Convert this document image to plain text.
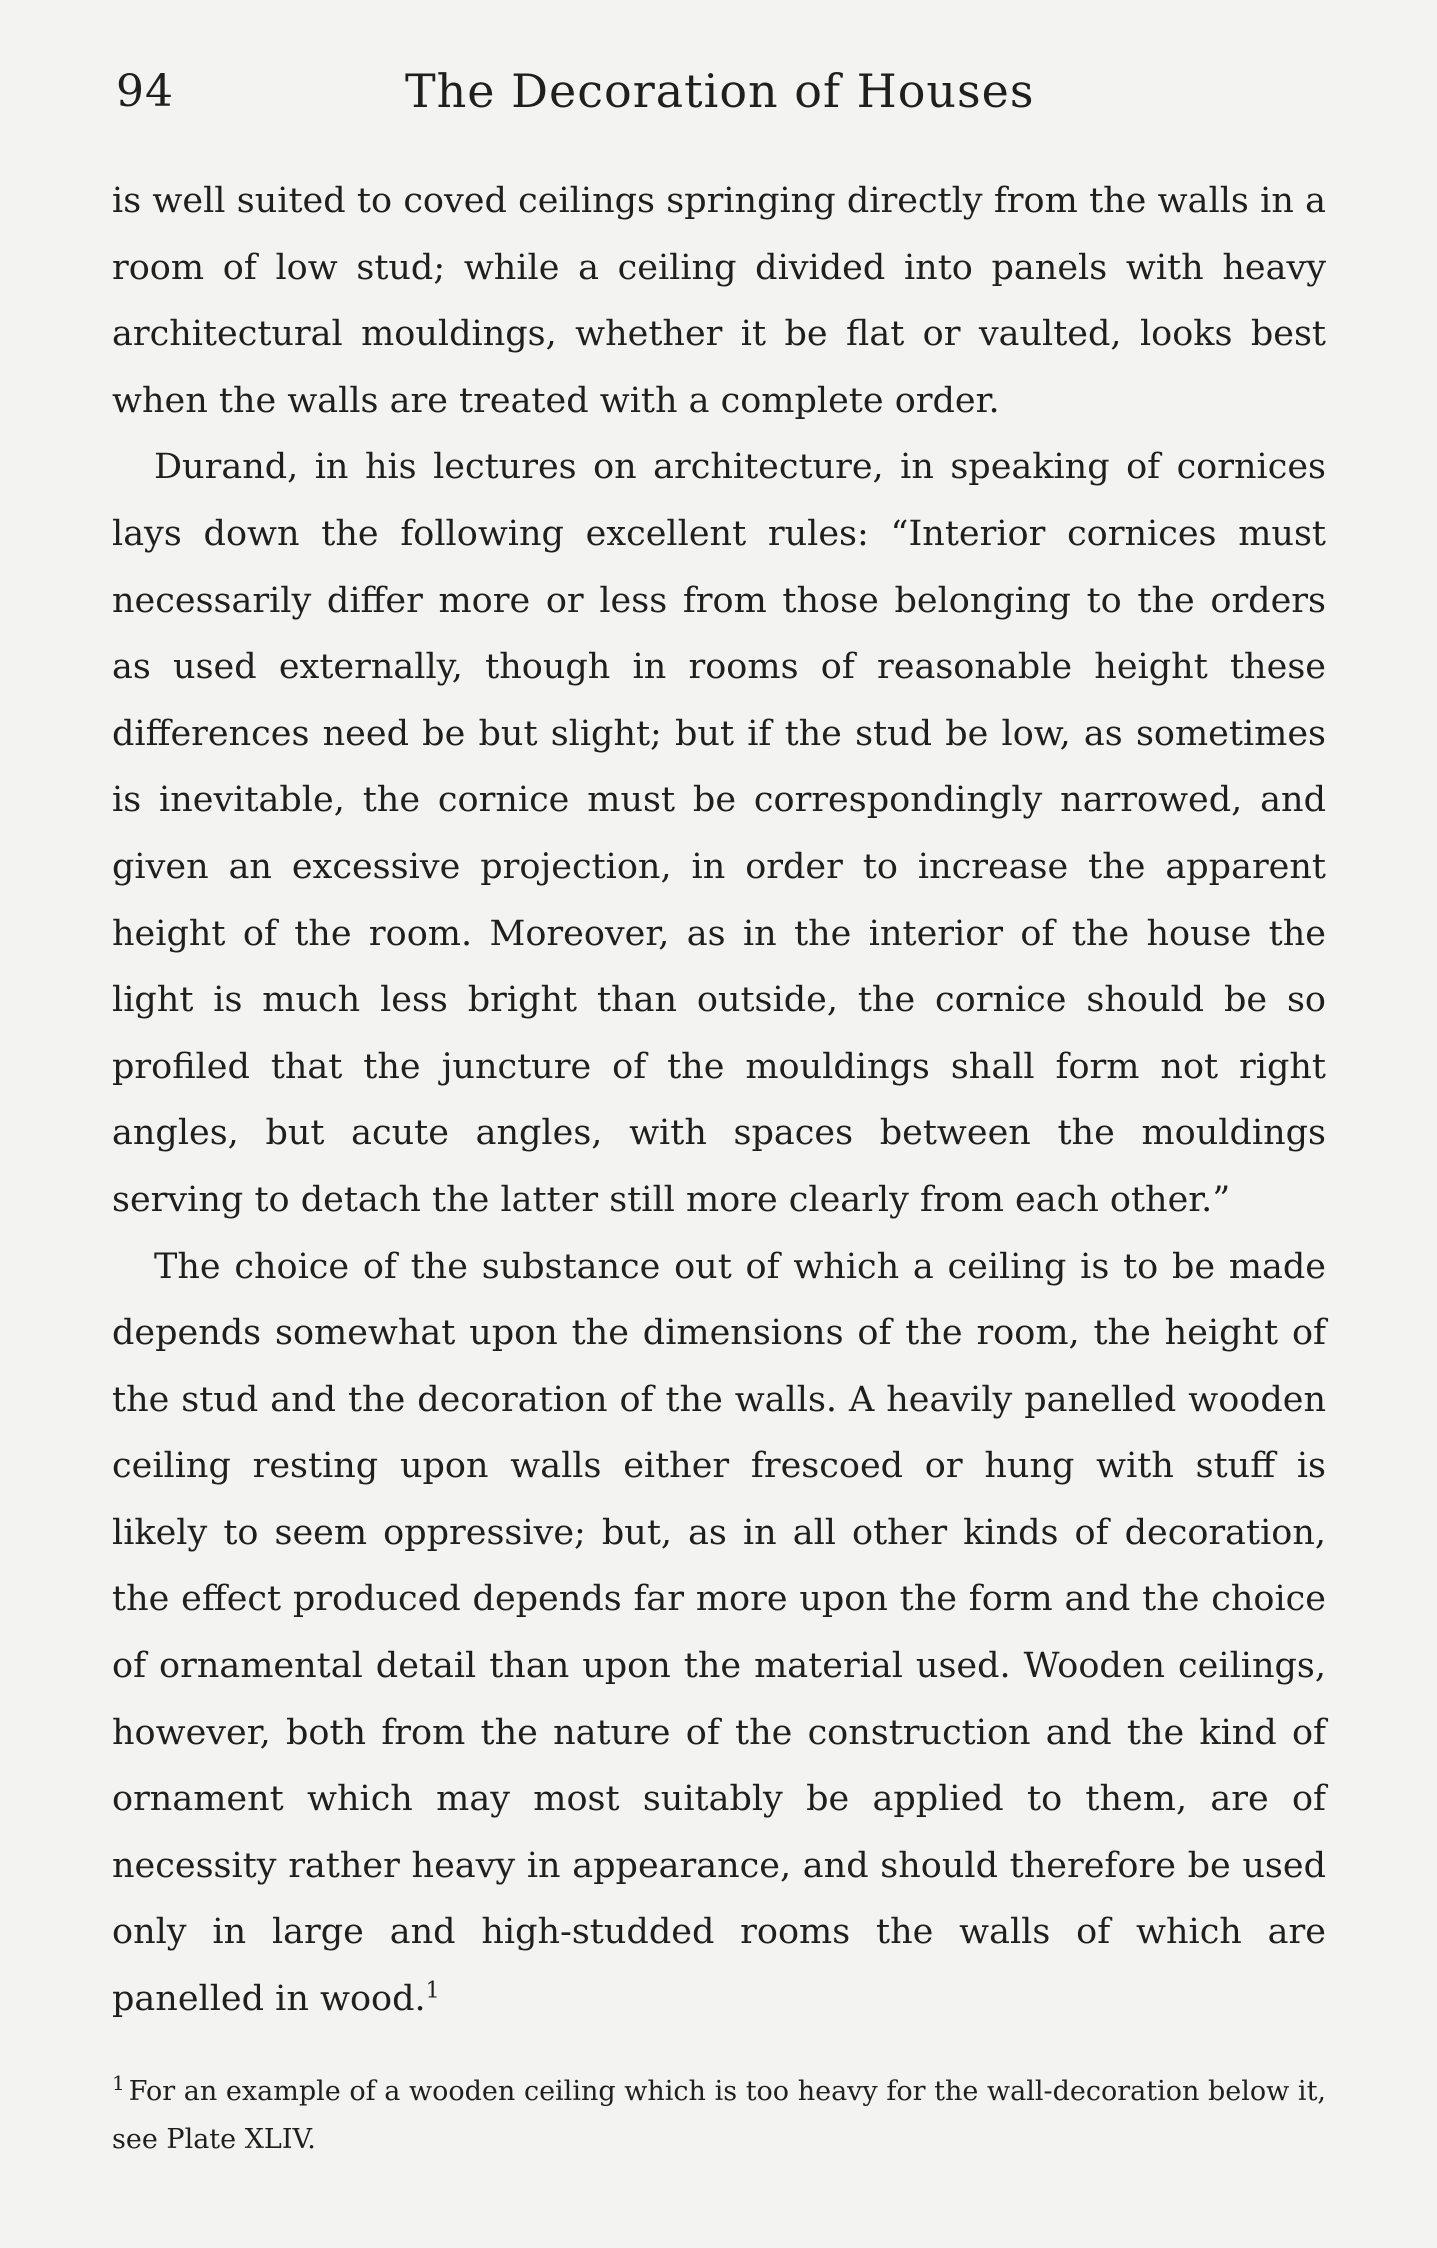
94	The Decoration of Houses

is well suited to coved ceilings springing directly from the walls in a room of low stud; while a ceiling divided into panels with heavy architectural mouldings, whether it be flat or vaulted, looks best when the walls are treated with a complete order.

Durand, in his lectures on architecture, in speaking of cornices lays down the following excellent rules: “Interior cornices must necessarily differ more or less from those belonging to the orders as used externally, though in rooms of reasonable height these differences need be but slight; but if the stud be low, as sometimes is inevitable, the cornice must be correspondingly narrowed, and given an excessive projection, in order to increase the apparent height of the room. Moreover, as in the interior of the house the light is much less bright than outside, the cornice should be so profiled that the juncture of the mouldings shall form not right angles, but acute angles, with spaces between the mouldings serving to detach the latter still more clearly from each other.”

The choice of the substance out of which a ceiling is to be made depends somewhat upon the dimensions of the room, the height of the stud and the decoration of the walls. A heavily panelled wooden ceiling resting upon walls either frescoed or hung with stuff is likely to seem oppressive; but, as in all other kinds of decoration, the effect produced depends far more upon the form and the choice of ornamental detail than upon the material used. Wooden ceilings, however, both from the nature of the construction and the kind of ornament which may most suitably be applied to them, are of necessity rather heavy in appearance, and should therefore be used only in large and high-studded rooms the walls of which are panelled in wood.$^1$

$^1$ For an example of a wooden ceiling which is too heavy for the wall-decoration below it, see Plate XLIV.
